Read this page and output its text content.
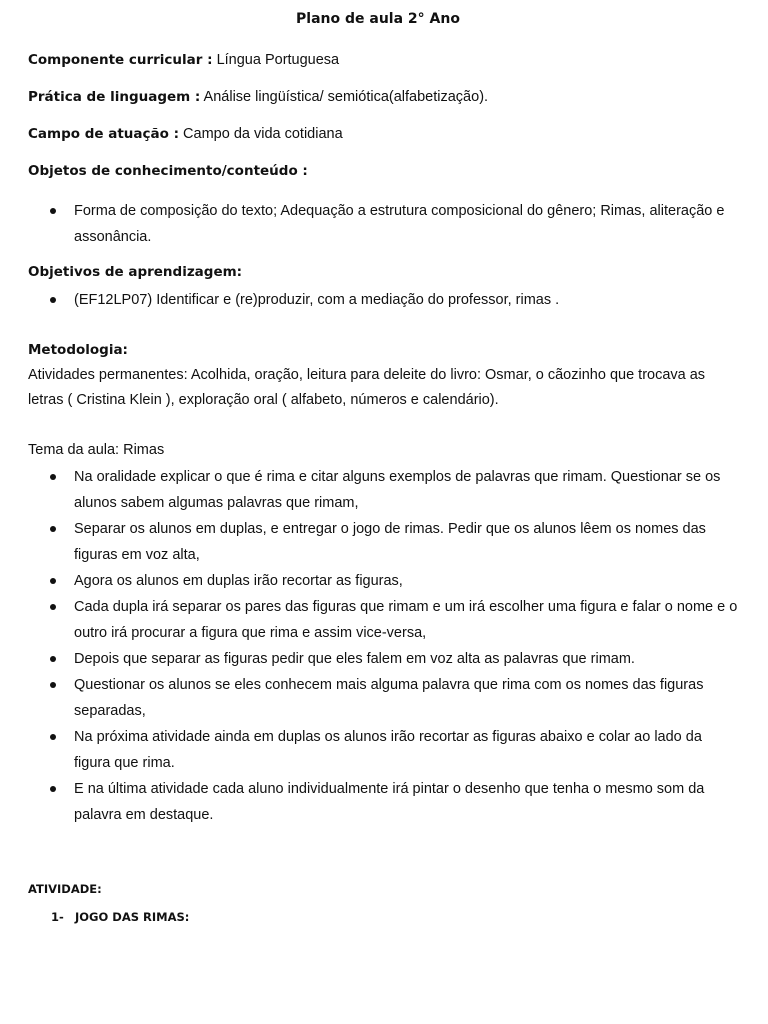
Plano de aula 2° Ano
Componente curricular : Língua Portuguesa
Prática de linguagem : Análise lingüística/ semiótica(alfabetização).
Campo de atuação : Campo da vida cotidiana
Objetos de conhecimento/conteúdo :
Forma de composição do texto; Adequação a estrutura composicional do gênero; Rimas, aliteração e assonância.
Objetivos de aprendizagem:
(EF12LP07) Identificar e (re)produzir, com a mediação do professor, rimas .
Metodologia:
Atividades permanentes: Acolhida, oração, leitura para deleite do livro: Osmar, o cãozinho que trocava as letras ( Cristina Klein ), exploração oral ( alfabeto, números e calendário).
Tema da aula: Rimas
Na oralidade explicar o que é rima e citar alguns exemplos de palavras que rimam. Questionar se os alunos sabem algumas palavras que rimam,
Separar os alunos em duplas, e entregar o jogo de rimas. Pedir que os alunos lêem os nomes das figuras em voz alta,
Agora os alunos em duplas irão recortar as figuras,
Cada dupla irá separar os pares das figuras que rimam e um irá escolher uma figura e falar o nome e o outro irá procurar a figura que rima e assim vice-versa,
Depois que separar as figuras pedir que eles falem em voz alta as palavras que rimam.
Questionar os alunos se eles conhecem mais alguma palavra que rima com os nomes das figuras separadas,
Na próxima atividade ainda em duplas os alunos irão recortar as figuras abaixo e colar ao lado da figura que rima.
E na última atividade cada aluno individualmente irá pintar o desenho que tenha o mesmo som da palavra em destaque.
ATIVIDADE:
1- JOGO DAS RIMAS:
